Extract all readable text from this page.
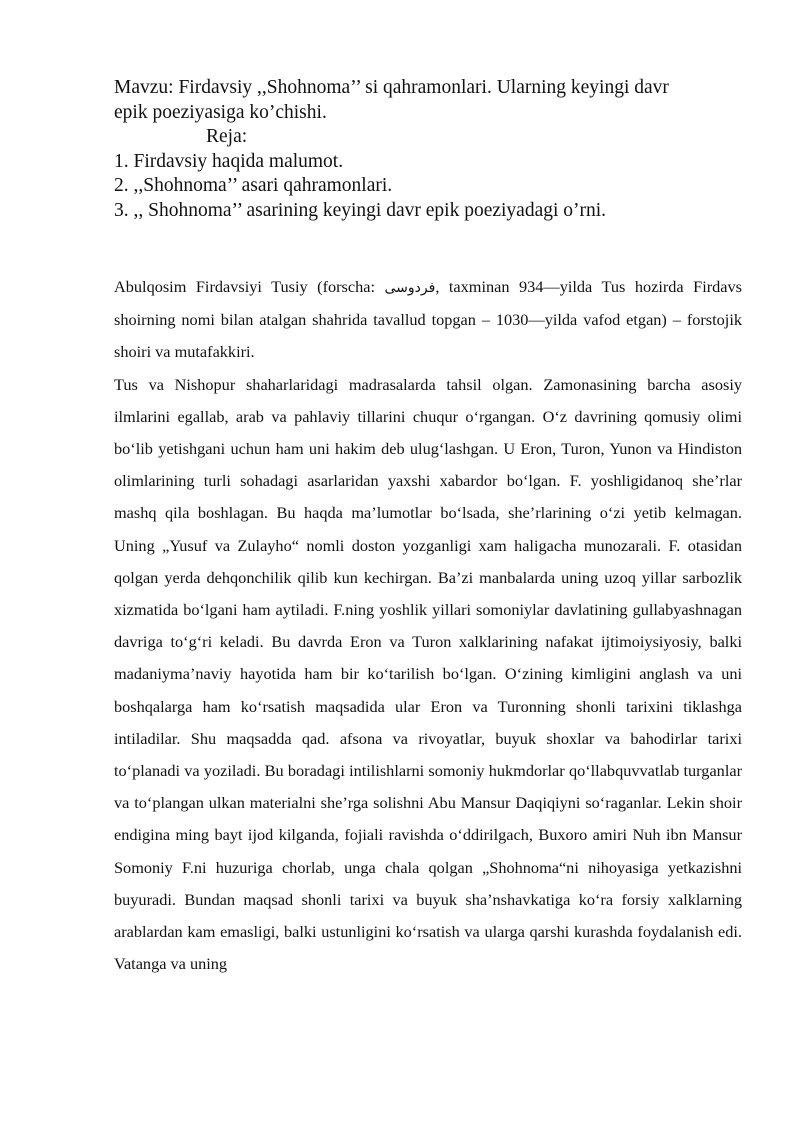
Mavzu: Firdavsiy ,,Shohnoma’’ si qahramonlari. Ularning keyingi davr
epik poeziyasiga ko’chishi.
Reja:
1. Firdavsiy haqida malumot.
2. ,,Shohnoma’’ asari qahramonlari.
3. ,, Shohnoma’’ asarining keyingi davr epik poeziyadagi o’rni.

Abulqosim Firdavsiyi Tusiy (forscha: فردوسی, taxminan 934—yilda Tus hozirda Firdavs shoirning nomi bilan atalgan shahrida tavallud topgan – 1030—yilda vafod etgan) – forstojik shoiri va mutafakkiri.

Tus va Nishopur shaharlaridagi madrasalarda tahsil olgan. Zamonasining barcha asosiy ilmlarini egallab, arab va pahlaviy tillarini chuqur oʻrgangan. Oʻz davrining qomusiy olimi boʻlib yetishgani uchun ham uni hakim deb ulugʻlashgan. U Eron, Turon, Yunon va Hindiston olimlarining turli sohadagi asarlaridan yaxshi xabardor boʻlgan. F. yoshligidanoq she’rlar mashq qila boshlagan. Bu haqda ma’lumotlar boʻlsada, she’rlarining oʻzi yetib kelmagan. Uning „Yusuf va Zulayho“ nomli doston yozganligi xam haligacha munozarali. F. otasidan qolgan yerda dehqonchilik qilib kun kechirgan. Ba’zi manbalarda uning uzoq yillar sarbozlik xizmatida boʻlgani ham aytiladi. F.ning yoshlik yillari somoniylar davlatining gullabyashnagan davriga toʻgʻri keladi. Bu davrda Eron va Turon xalklarining nafakat ijtimoiysiyosiy, balki madaniyma’naviy hayotida ham bir koʻtarilish boʻlgan. Oʻzining kimligini anglash va uni boshqalarga ham koʻrsatish maqsadida ular Eron va Turonning shonli tarixini tiklashga intiladilar. Shu maqsadda qad. afsona va rivoyatlar, buyuk shoxlar va bahodirlar tarixi toʻplanadi va yoziladi. Bu boradagi intilishlarni somoniy hukmdorlar qoʻllabquvvatlab turganlar va toʻplangan ulkan materialni she’rga solishni Abu Mansur Daqiqiyni soʻraganlar. Lekin shoir endigina ming bayt ijod kilganda, fojiali ravishda oʻddirilgach, Buxoro amiri Nuh ibn Mansur Somoniy F.ni huzuriga chorlab, unga chala qolgan „Shohnoma“ni nihoyasiga yetkazishni buyuradi. Bundan maqsad shonli tarixi va buyuk sha’nshavkatiga koʻra forsiy xalklarning arablardan kam emasligi, balki ustunligini koʻrsatish va ularga qarshi kurashda foydalanish edi. Vatanga va uning
